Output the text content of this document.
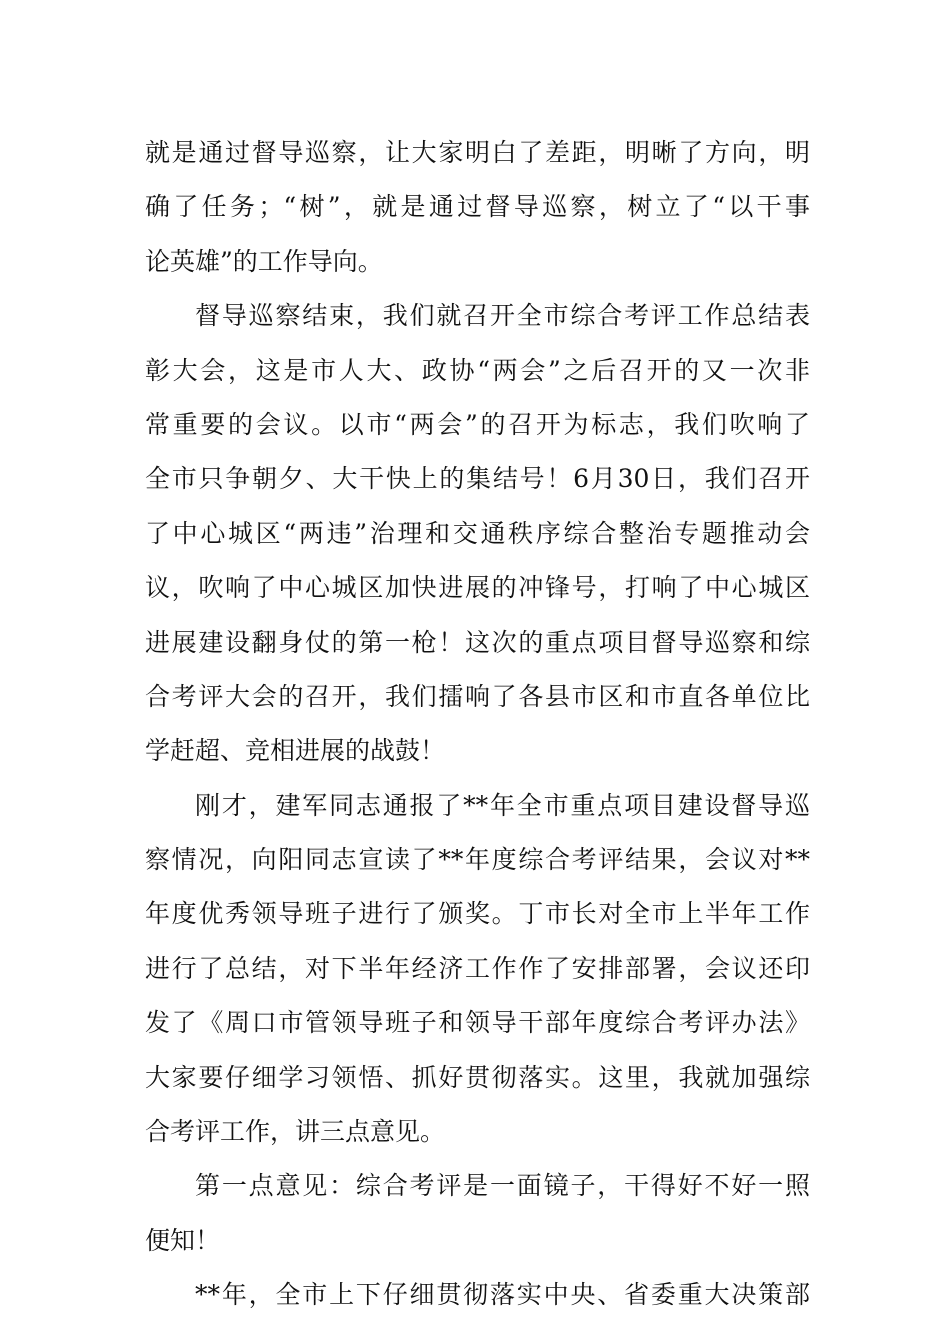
就是通过督导巡察，让大家明白了差距，明晰了方向，明
确了任务；“树”，就是通过督导巡察，树立了“以干事
论英雄”的工作导向。
督导巡察结束，我们就召开全市综合考评工作总结表
彰大会，这是市人大、政协“两会”之后召开的又一次非
常重要的会议。以市“两会”的召开为标志，我们吹响了
全市只争朝夕、大干快上的集结号！6月30日，我们召开
了中心城区“两违”治理和交通秩序综合整治专题推动会
议，吹响了中心城区加快进展的冲锋号，打响了中心城区
进展建设翻身仗的第一枪！这次的重点项目督导巡察和综
合考评大会的召开，我们擂响了各县市区和市直各单位比
学赶超、竞相进展的战鼓！
刚才，建军同志通报了**年全市重点项目建设督导巡
察情况，向阳同志宣读了**年度综合考评结果，会议对**
年度优秀领导班子进行了颁奖。丁市长对全市上半年工作
进行了总结，对下半年经济工作作了安排部署，会议还印
发了《周口市管领导班子和领导干部年度综合考评办法》
大家要仔细学习领悟、抓好贯彻落实。这里，我就加强综
合考评工作，讲三点意见。
第一点意见：综合考评是一面镜子，干得好不好一照
便知！
**年，全市上下仔细贯彻落实中央、省委重大决策部
